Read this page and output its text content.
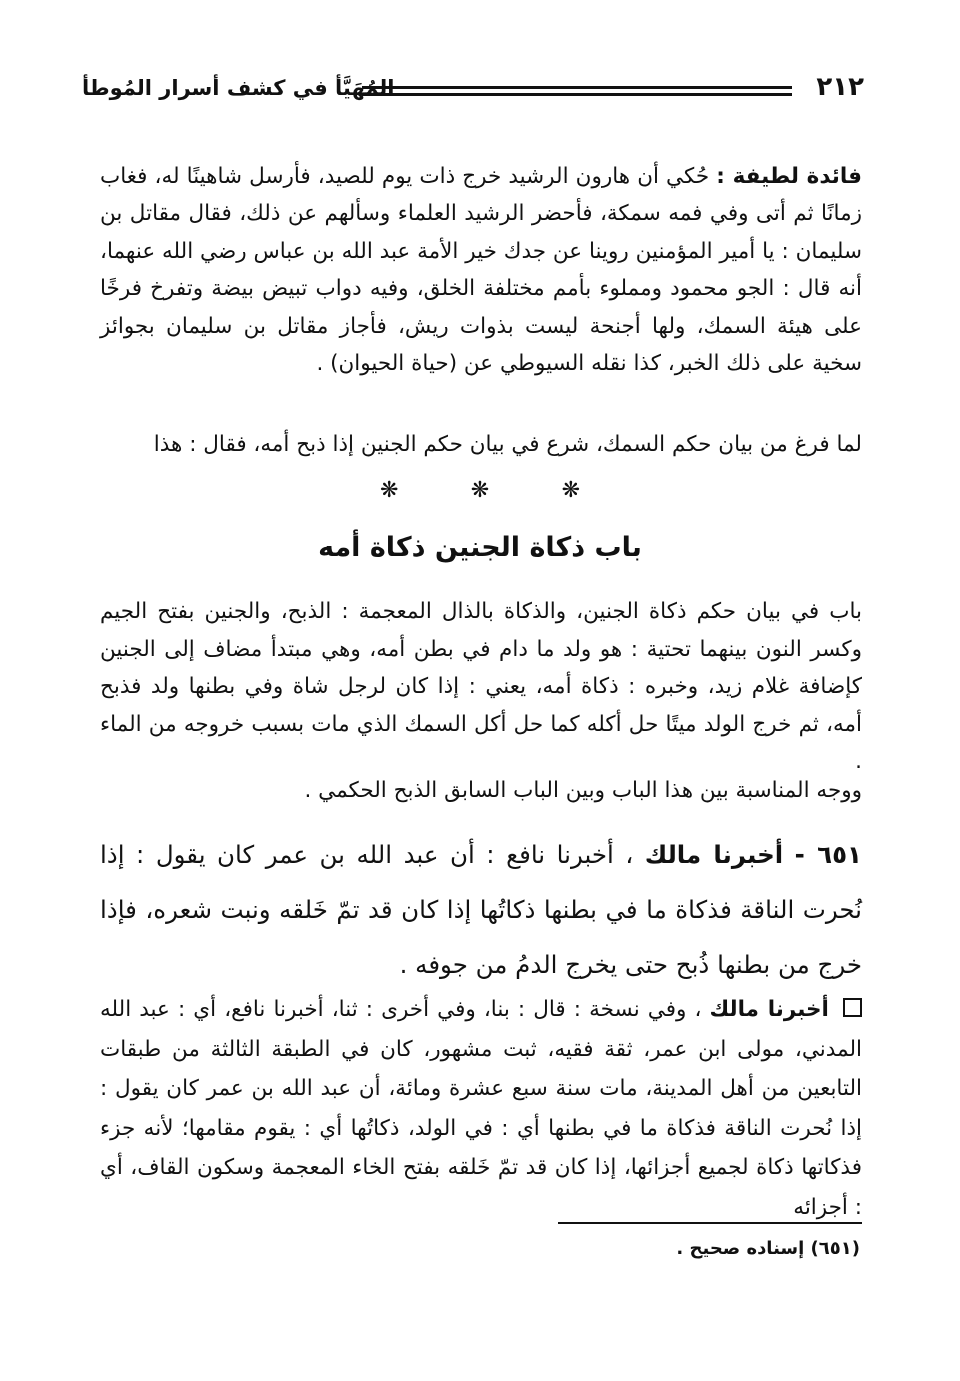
المُهَيَّأ في كشف أسرار المُوطأ	٢١٢
فائدة لطيفة : حُكي أن هارون الرشيد خرج ذات يوم للصيد، فأرسل شاهينًا له، فغاب زمانًا ثم أتى وفي فمه سمكة، فأحضر الرشيد العلماء وسألهم عن ذلك، فقال مقاتل بن سليمان : يا أمير المؤمنين روينا عن جدك خير الأمة عبد الله بن عباس رضي الله عنهما، أنه قال : الجو محمود ومملوء بأمم مختلفة الخلق، وفيه دواب تبيض بيضة وتفرخ فرخًا على هيئة السمك، ولها أجنحة ليست بذوات ريش، فأجاز مقاتل بن سليمان بجوائز سخية على ذلك الخبر، كذا نقله السيوطي عن (حياة الحيوان) .
لما فرغ من بيان حكم السمك، شرع في بيان حكم الجنين إذا ذبح أمه، فقال : هذا
❋	❋	❋
باب ذكاة الجنين ذكاة أمه
باب في بيان حكم ذكاة الجنين، والذكاة بالذال المعجمة : الذبح، والجنين بفتح الجيم وكسر النون بينهما تحتية : هو ولد ما دام في بطن أمه، وهي مبتدأ مضاف إلى الجنين كإضافة غلام زيد، وخبره : ذكاة أمه، يعني : إذا كان لرجل شاة وفي بطنها ولد فذبح أمه، ثم خرج الولد ميتًا حل أكله كما حل أكل السمك الذي مات بسبب خروجه من الماء .
ووجه المناسبة بين هذا الباب وبين الباب السابق الذبح الحكمي .
٦٥١ - أخبرنا مالك ، أخبرنا نافع : أن عبد الله بن عمر كان يقول : إذا نُحرت الناقة فذكاة ما في بطنها ذكاتُها إذا كان قد تمّ خَلقه ونبت شعره، فإذا خرج من بطنها ذُبح حتى يخرج الدمُ من جوفه .
أخبرنا مالك ، وفي نسخة : قال : بنا، وفي أخرى : ثنا، أخبرنا نافع، أي : عبد الله المدني، مولى ابن عمر، ثقة فقيه، ثبت مشهور، كان في الطبقة الثالثة من طبقات التابعين من أهل المدينة، مات سنة سبع عشرة ومائة، أن عبد الله بن عمر كان يقول : إذا نُحرت الناقة فذكاة ما في بطنها أي : في الولد، ذكاتُها أي : يقوم مقامها؛ لأنه جزء فذكاتها ذكاة لجميع أجزائها، إذا كان قد تمّ خَلقه بفتح الخاء المعجمة وسكون القاف، أي : أجزائه
(٦٥١) إسناده صحيح .
